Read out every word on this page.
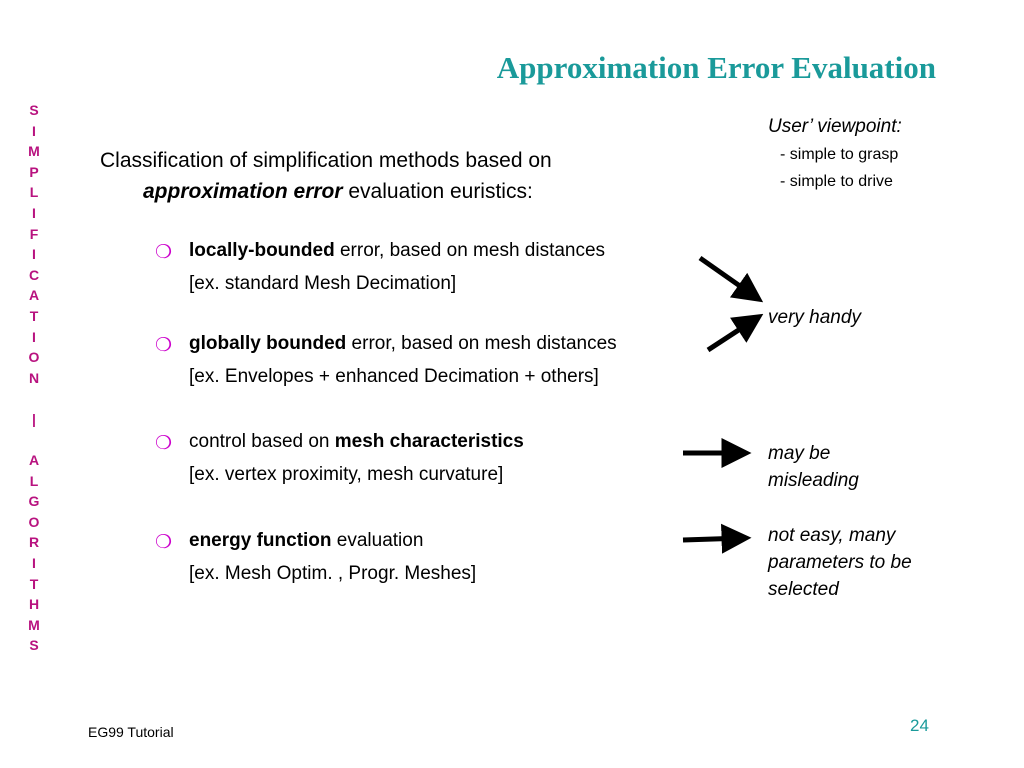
Approximation Error Evaluation
S
I
M
P
L
I
F
I
C
A
T
I
O
N

|

A
L
G
O
R
I
T
H
M
S
Classification of simplification methods based on
approximation error evaluation euristics:
❍ locally-bounded error, based on mesh distances
[ex. standard Mesh Decimation]
❍ globally bounded error, based on mesh distances
[ex. Envelopes + enhanced Decimation + others]
❍ control based on mesh characteristics
[ex. vertex proximity, mesh curvature]
❍ energy function evaluation
[ex. Mesh Optim. , Progr. Meshes]
User’ viewpoint:
- simple to grasp
- simple to drive
very handy
may be
misleading
not easy, many
parameters to be
selected
EG99 Tutorial	24
